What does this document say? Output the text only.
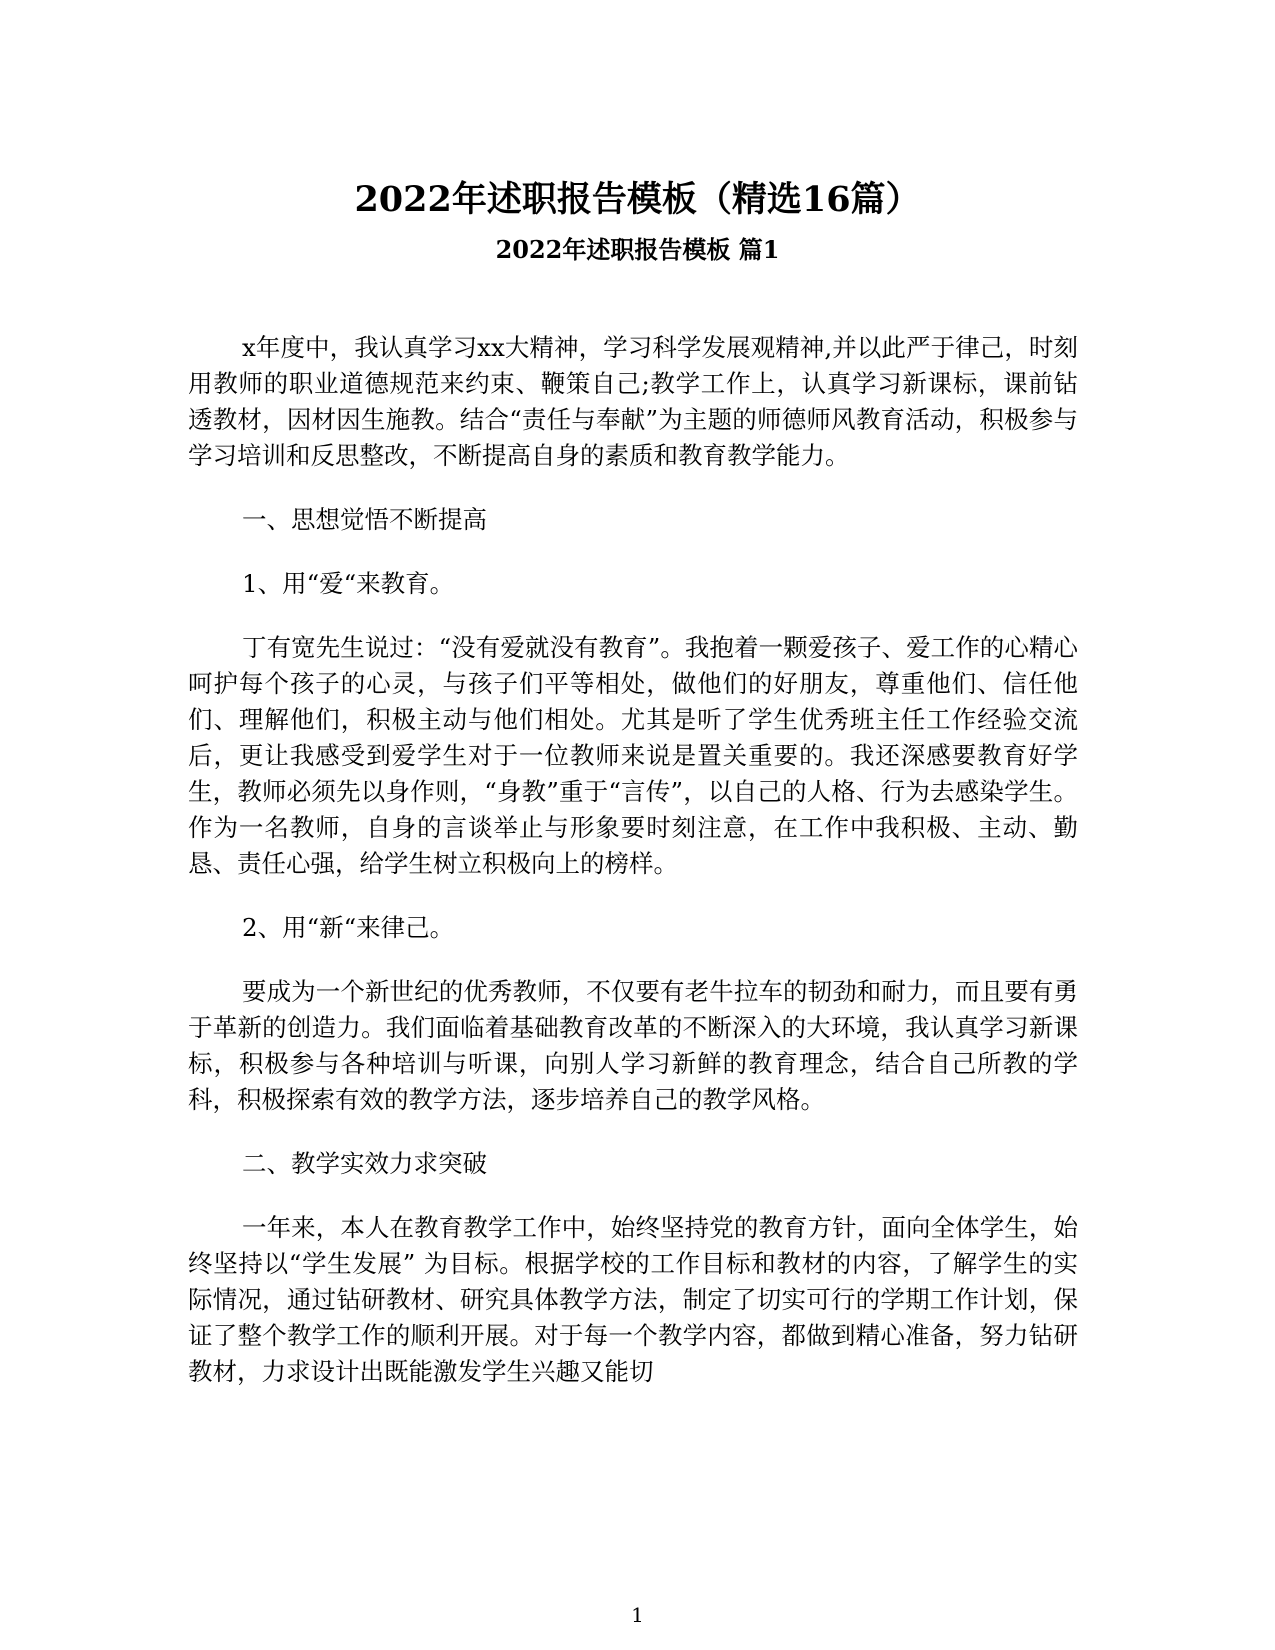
2022年述职报告模板（精选16篇）
2022年述职报告模板 篇1

x年度中，我认真学习xx大精神，学习科学发展观精神,并以此严于律己，时刻用教师的职业道德规范来约束、鞭策自己;教学工作上，认真学习新课标，课前钻透教材，因材因生施教。结合“责任与奉献”为主题的师德师风教育活动，积极参与学习培训和反思整改，不断提高自身的素质和教育教学能力。

一、思想觉悟不断提高

1、用“爱“来教育。

丁有宽先生说过：“没有爱就没有教育”。我抱着一颗爱孩子、爱工作的心精心呵护每个孩子的心灵，与孩子们平等相处，做他们的好朋友，尊重他们、信任他们、理解他们，积极主动与他们相处。尤其是听了学生优秀班主任工作经验交流后，更让我感受到爱学生对于一位教师来说是置关重要的。我还深感要教育好学生，教师必须先以身作则，“身教”重于“言传”，以自己的人格、行为去感染学生。作为一名教师，自身的言谈举止与形象要时刻注意，在工作中我积极、主动、勤恳、责任心强，给学生树立积极向上的榜样。

2、用“新“来律己。

要成为一个新世纪的优秀教师，不仅要有老牛拉车的韧劲和耐力，而且要有勇于革新的创造力。我们面临着基础教育改革的不断深入的大环境，我认真学习新课标，积极参与各种培训与听课，向别人学习新鲜的教育理念，结合自己所教的学科，积极探索有效的教学方法，逐步培养自己的教学风格。

二、教学实效力求突破

一年来，本人在教育教学工作中，始终坚持党的教育方针，面向全体学生，始终坚持以“学生发展” 为目标。根据学校的工作目标和教材的内容，了解学生的实际情况，通过钻研教材、研究具体教学方法，制定了切实可行的学期工作计划，保证了整个教学工作的顺利开展。对于每一个教学内容，都做到精心准备，努力钻研教材，力求设计出既能激发学生兴趣又能切

1
